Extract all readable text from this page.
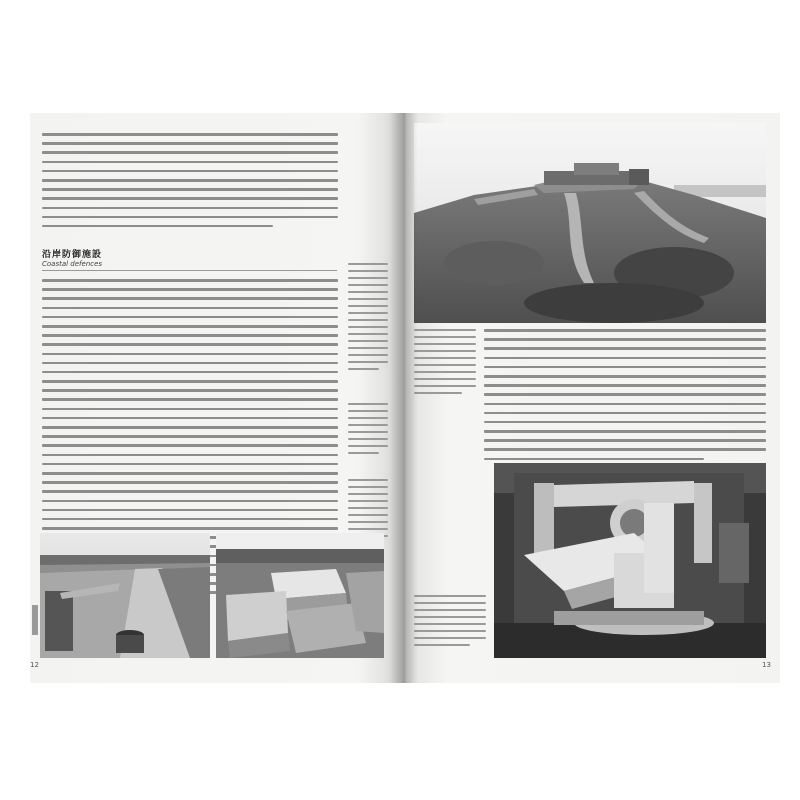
沿岸防御施設
Coastal defences
12	13
